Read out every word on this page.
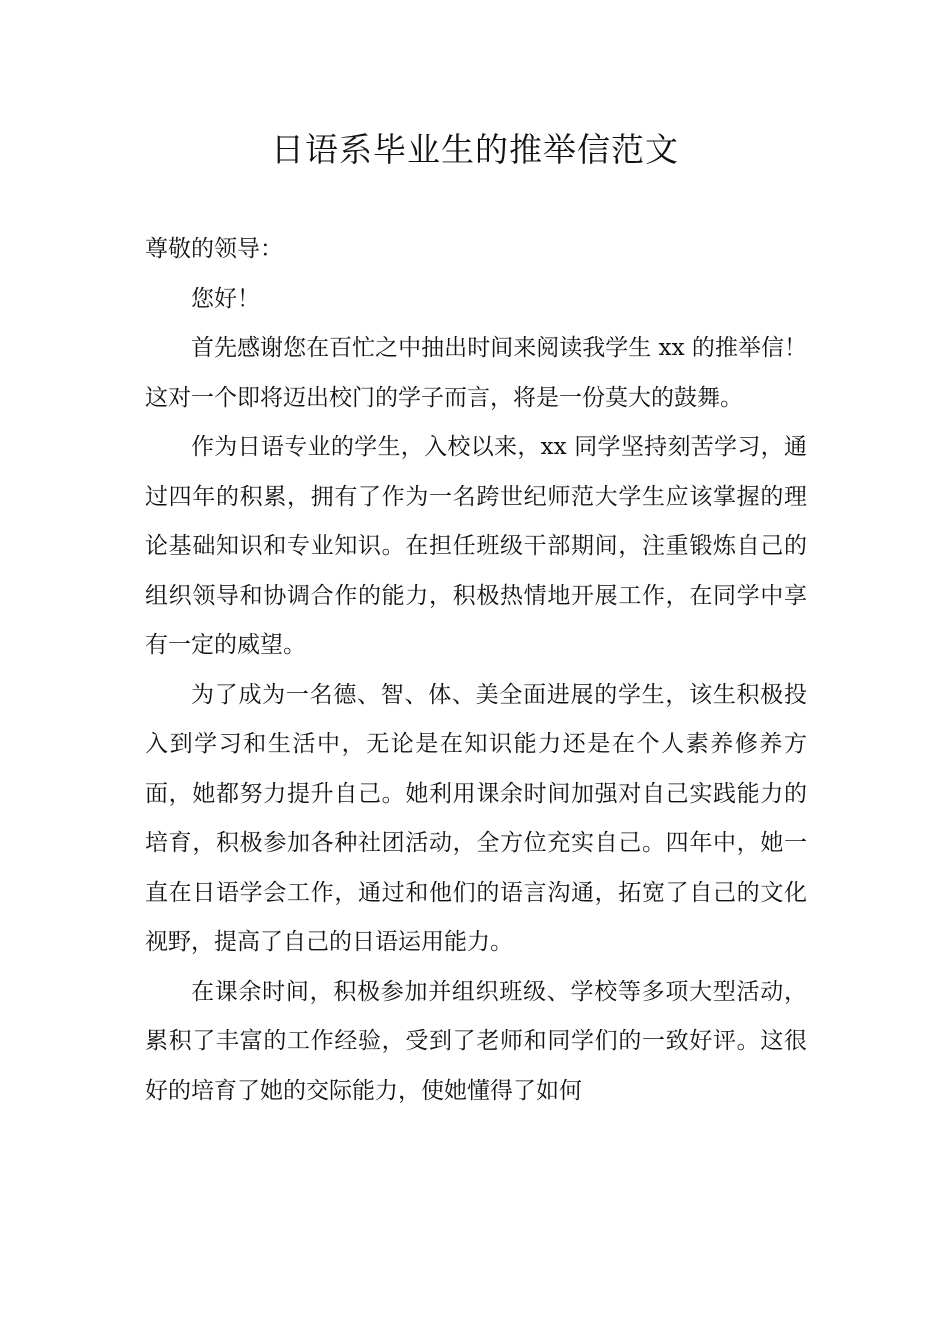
日语系毕业生的推举信范文

尊敬的领导：

您好！

首先感谢您在百忙之中抽出时间来阅读我学生 xx 的推举信！这对一个即将迈出校门的学子而言，将是一份莫大的鼓舞。

作为日语专业的学生，入校以来，xx 同学坚持刻苦学习，通过四年的积累，拥有了作为一名跨世纪师范大学生应该掌握的理论基础知识和专业知识。在担任班级干部期间，注重锻炼自己的组织领导和协调合作的能力，积极热情地开展工作，在同学中享有一定的威望。

为了成为一名德、智、体、美全面进展的学生，该生积极投入到学习和生活中，无论是在知识能力还是在个人素养修养方面，她都努力提升自己。她利用课余时间加强对自己实践能力的培育，积极参加各种社团活动，全方位充实自己。四年中，她一直在日语学会工作，通过和他们的语言沟通，拓宽了自己的文化视野，提高了自己的日语运用能力。

在课余时间，积极参加并组织班级、学校等多项大型活动，累积了丰富的工作经验，受到了老师和同学们的一致好评。这很好的培育了她的交际能力，使她懂得了如何
